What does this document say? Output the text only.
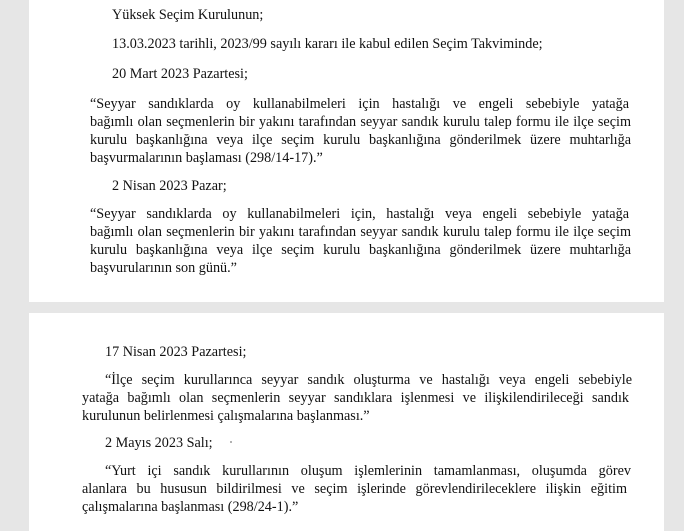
Yüksek Seçim Kurulunun;
13.03.2023 tarihli, 2023/99 sayılı kararı ile kabul edilen Seçim Takviminde;
20 Mart 2023 Pazartesi;
“Seyyar sandıklarda oy kullanabilmeleri için hastalığı ve engeli sebebiyle yatağa
bağımlı olan seçmenlerin bir yakını tarafından seyyar sandık kurulu talep formu ile ilçe seçim
kurulu başkanlığına veya ilçe seçim kurulu başkanlığına gönderilmek üzere muhtarlığa
başvurmalarının başlaması (298/14-17).”
2 Nisan 2023 Pazar;
“Seyyar sandıklarda oy kullanabilmeleri için, hastalığı veya engeli sebebiyle yatağa
bağımlı olan seçmenlerin bir yakını tarafından seyyar sandık kurulu talep formu ile ilçe seçim
kurulu başkanlığına veya ilçe seçim kurulu başkanlığına gönderilmek üzere muhtarlığa
başvurularının son günü.”
17 Nisan 2023 Pazartesi;
“İlçe seçim kurullarınca seyyar sandık oluşturma ve hastalığı veya engeli sebebiyle
yatağa bağımlı olan seçmenlerin seyyar sandıklara işlenmesi ve ilişkilendirileceği sandık
kurulunun belirlenmesi çalışmalarına başlanması.”
2 Mayıs 2023 Salı;
“Yurt içi sandık kurullarının oluşum işlemlerinin tamamlanması, oluşumda görev
alanlara bu hususun bildirilmesi ve seçim işlerinde görevlendirileceklere ilişkin eğitim
çalışmalarına başlanması (298/24-1).”
